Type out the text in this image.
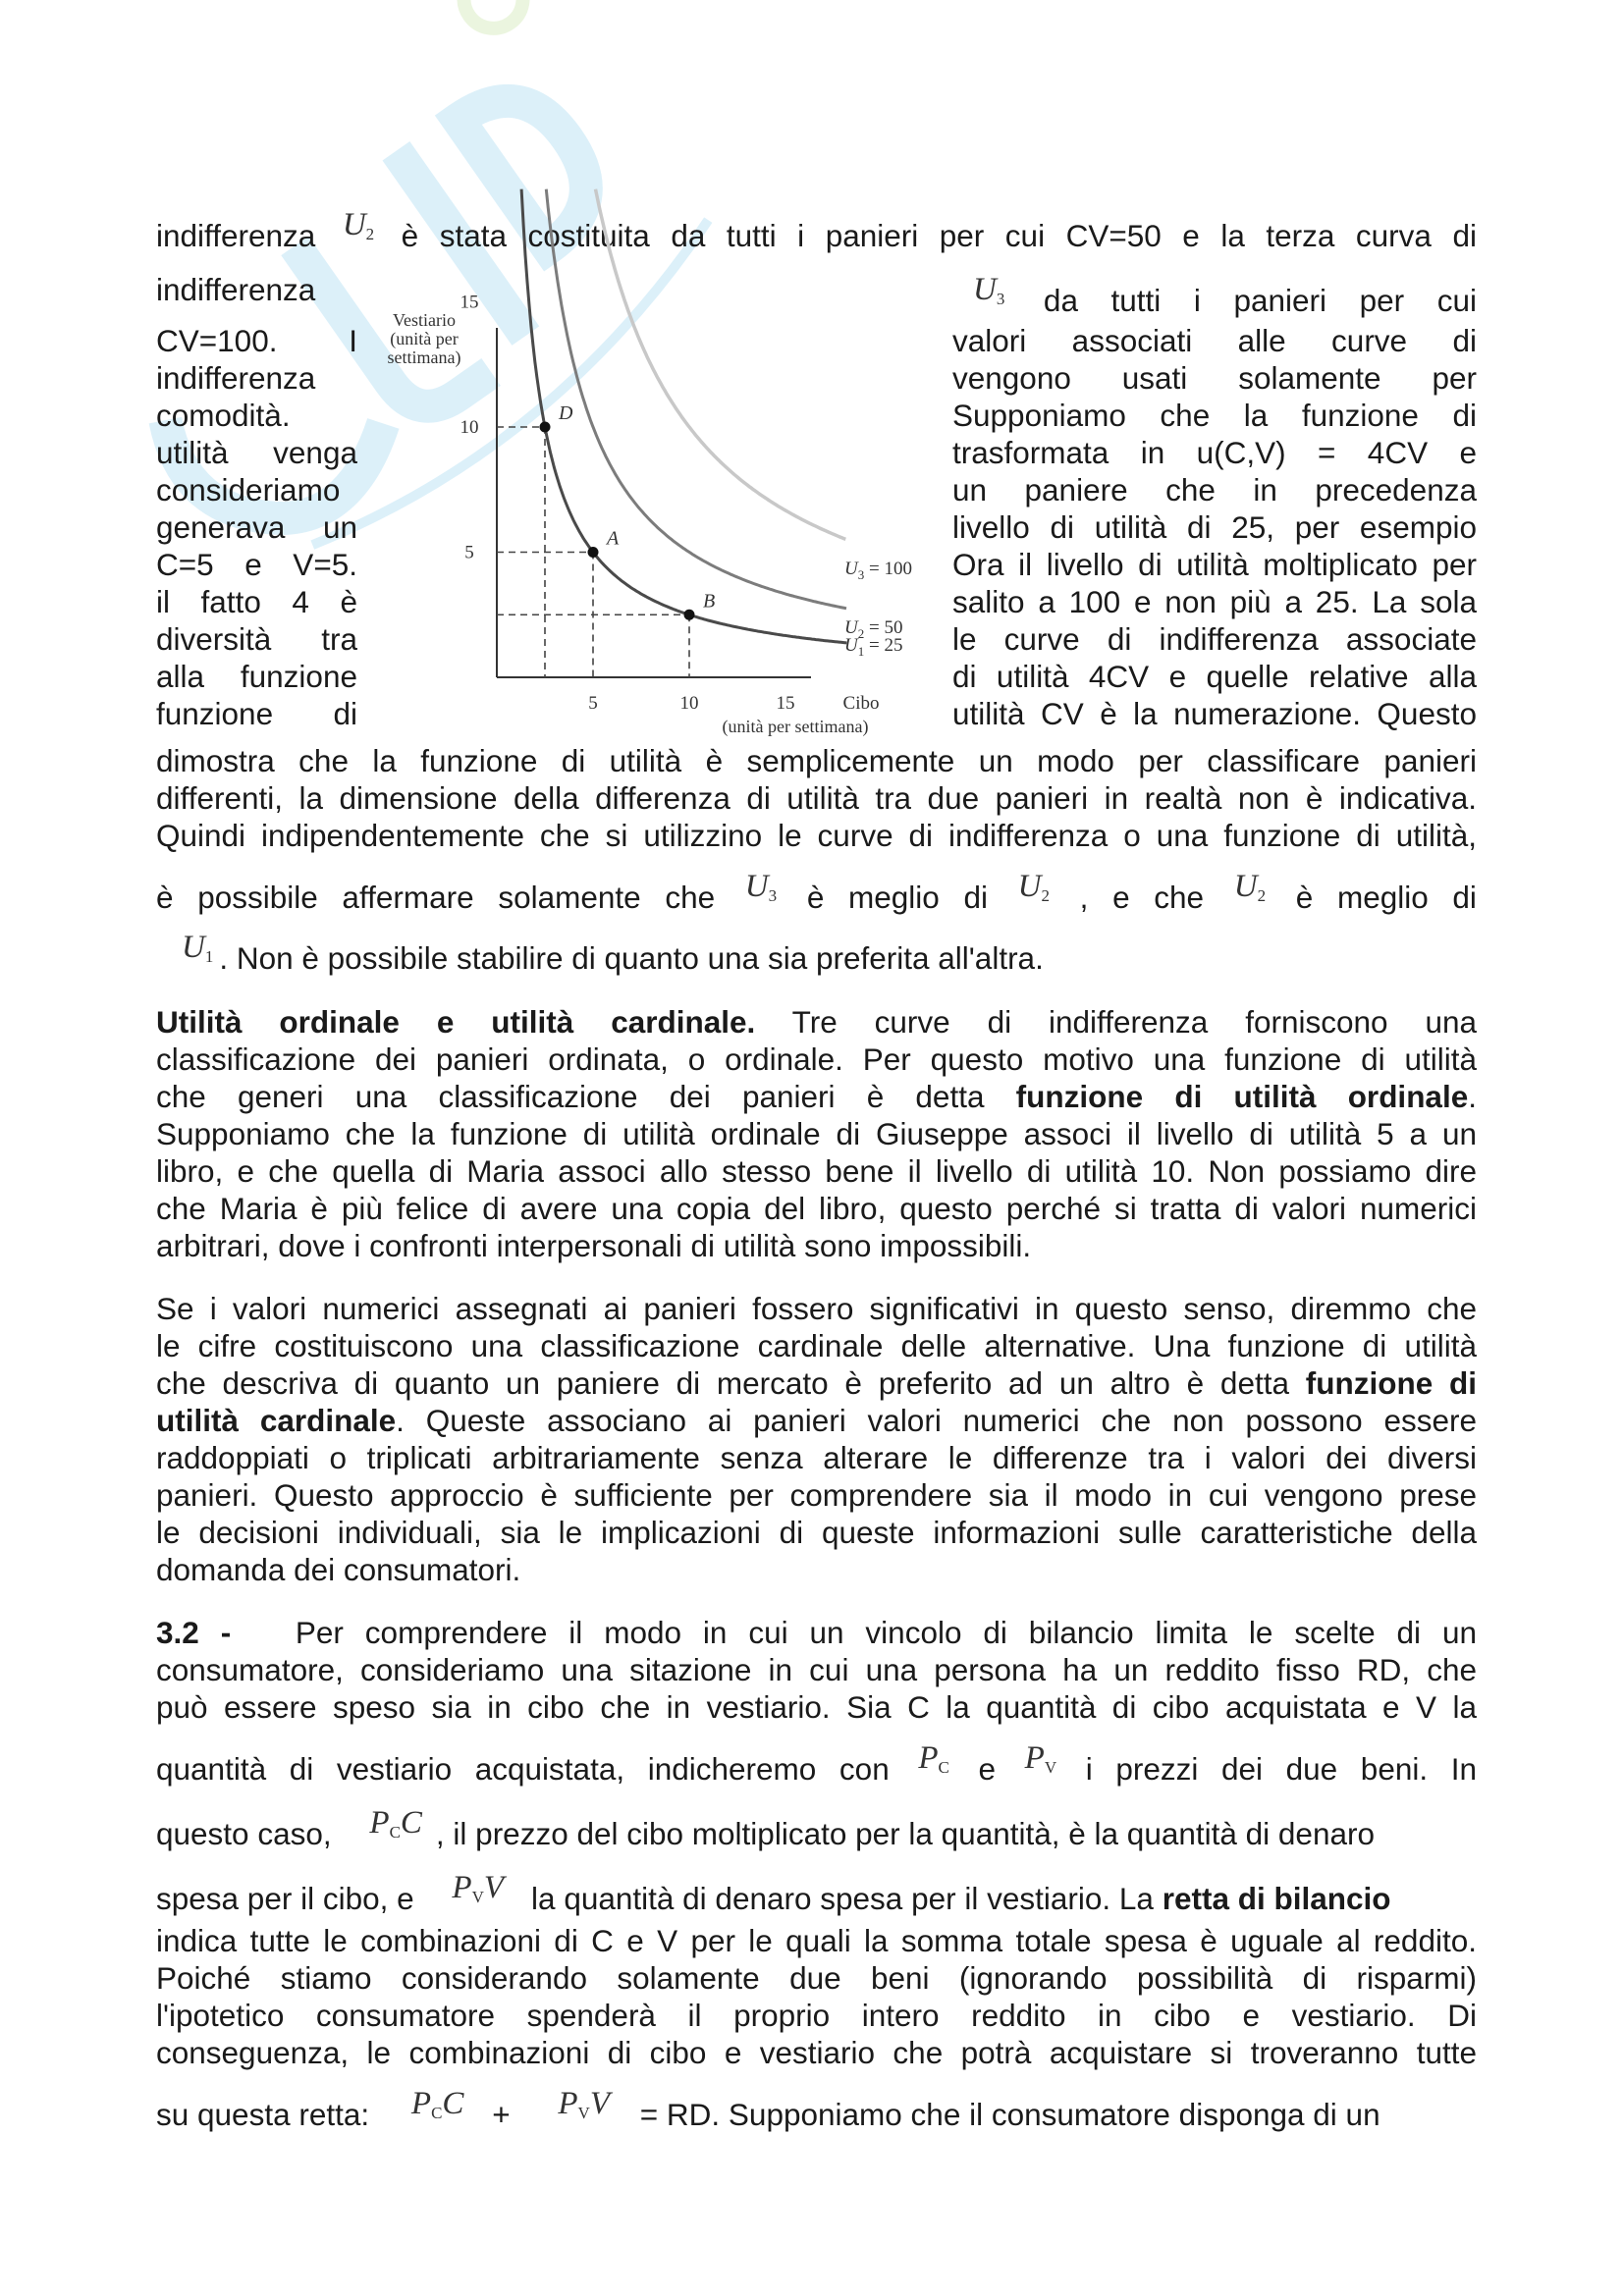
indifferenza $U_2$ è stata costituita da tutti i panieri per cui CV=50 e la terza curva di
indifferenza	$U_3$ da tutti i panieri per cui
CV=100. I
indifferenza
comodità.
utilità venga
consideriamo
generava un
C=5 e V=5.
il fatto 4 è
diversità tra
alla funzione
funzione di
valori associati alle curve di
vengono usati solamente per
Supponiamo che la funzione di
trasformata in u(C,V) = 4CV e
un paniere che in precedenza
livello di utilità di 25, per esempio
Ora il livello di utilità moltiplicato per
salito a 100 e non più a 25. La sola
le curve di indifferenza associate
di utilità 4CV e quelle relative alla
utilità CV è la numerazione. Questo
dimostra che la funzione di utilità è semplicemente un modo per classificare panieri
differenti, la dimensione della differenza di utilità tra due panieri in realtà non è indicativa.
Quindi indipendentemente che si utilizzino le curve di indifferenza o una funzione di utilità,
è possibile affermare solamente che $U_3$ è meglio di $U_2$ , e che $U_2$ è meglio di
$U_1$ . Non è possibile stabilire di quanto una sia preferita all'altra.
Utilità ordinale e utilità cardinale. Tre curve di indifferenza forniscono una
classificazione dei panieri ordinata, o ordinale. Per questo motivo una funzione di utilità
che generi una classificazione dei panieri è detta funzione di utilità ordinale.
Supponiamo che la funzione di utilità ordinale di Giuseppe associ il livello di utilità 5 a un
libro, e che quella di Maria associ allo stesso bene il livello di utilità 10. Non possiamo dire
che Maria è più felice di avere una copia del libro, questo perché si tratta di valori numerici
arbitrari, dove i confronti interpersonali di utilità sono impossibili.
Se i valori numerici assegnati ai panieri fossero significativi in questo senso, diremmo che
le cifre costituiscono una classificazione cardinale delle alternative. Una funzione di utilità
che descriva di quanto un paniere di mercato è preferito ad un altro è detta funzione di
utilità cardinale. Queste associano ai panieri valori numerici che non possono essere
raddoppiati o triplicati arbitrariamente senza alterare le differenze tra i valori dei diversi
panieri. Questo approccio è sufficiente per comprendere sia il modo in cui vengono prese
le decisioni individuali, sia le implicazioni di queste informazioni sulle caratteristiche della
domanda dei consumatori.
3.2 - Per comprendere il modo in cui un vincolo di bilancio limita le scelte di un
consumatore, consideriamo una sitazione in cui una persona ha un reddito fisso RD, che
può essere speso sia in cibo che in vestiario. Sia C la quantità di cibo acquistata e V la
quantità di vestiario acquistata, indicheremo con $P_C$ e $P_V$ i prezzi dei due beni. In
questo caso, $P_CC$ , il prezzo del cibo moltiplicato per la quantità, è la quantità di denaro
spesa per il cibo, e $P_VV$ la quantità di denaro spesa per il vestiario. La retta di bilancio
indica tutte le combinazioni di C e V per le quali la somma totale spesa è uguale al reddito.
Poiché stiamo considerando solamente due beni (ignorando possibilità di risparmi)
l'ipotetico consumatore spenderà il proprio intero reddito in cibo e vestiario. Di
conseguenza, le combinazioni di cibo e vestiario che potrà acquistare si troveranno tutte
su questa retta: $P_CC + P_VV$ = RD. Supponiamo che il consumatore disponga di un
Vestiario
(unità per
settimana)
D
A
B
5	10	15
5
10
15
$U_1 = 25$
$U_2 = 50$
$U_3 = 100$
Cibo
(unità per settimana)
